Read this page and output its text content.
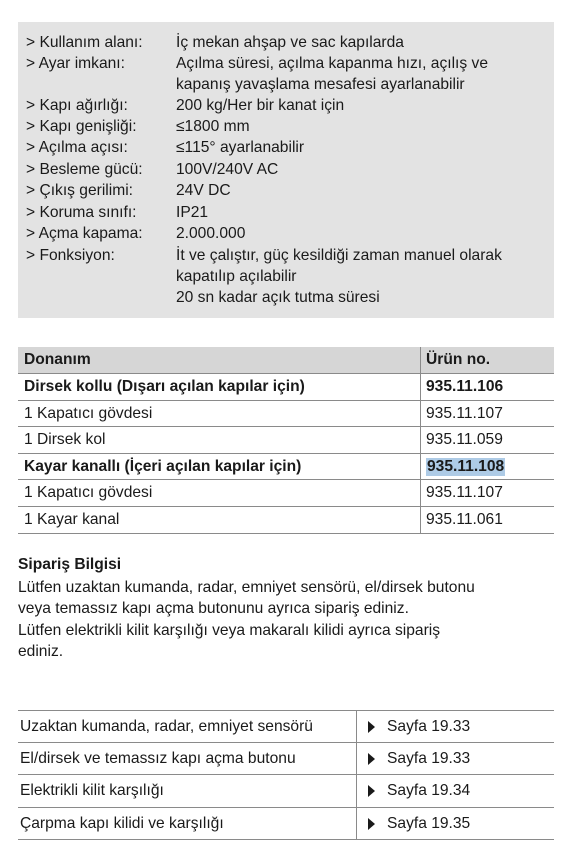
> Kullanım alanı: İç mekan ahşap ve sac kapılarda
> Ayar imkanı:	Açılma süresi, açılma kapanma hızı, açılış ve
kapanış yavaşlama mesafesi ayarlanabilir
> Kapı ağırlığı:	200 kg/Her bir kanat için
> Kapı genişliği:	≤1800 mm
> Açılma açısı:	≤115° ayarlanabilir
> Besleme gücü: 100V/240V AC
> Çıkış gerilimi:	24V DC
> Koruma sınıfı:	IP21
> Açma kapama: 2.000.000
> Fonksiyon:	İt ve çalıştır, güç kesildiği zaman manuel olarak
kapatılıp açılabilir
20 sn kadar açık tutma süresi
Donanım	Ürün no.
Dirsek kollu (Dışarı açılan kapılar için)	935.11.106
1 Kapatıcı gövdesi	935.11.107
1 Dirsek kol	935.11.059
Kayar kanallı (İçeri açılan kapılar için)	935.11.108
1 Kapatıcı gövdesi	935.11.107
1 Kayar kanal	935.11.061
Sipariş Bilgisi
Lütfen uzaktan kumanda, radar, emniyet sensörü, el/dirsek butonu
veya temassız kapı açma butonunu ayrıca sipariş ediniz.
Lütfen elektrikli kilit karşılığı veya makaralı kilidi ayrıca sipariş
ediniz.
Uzaktan kumanda, radar, emniyet sensörü	Sayfa 19.33
El/dirsek ve temassız kapı açma butonu	Sayfa 19.33
Elektrikli kilit karşılığı	Sayfa 19.34
Çarpma kapı kilidi ve karşılığı	Sayfa 19.35
